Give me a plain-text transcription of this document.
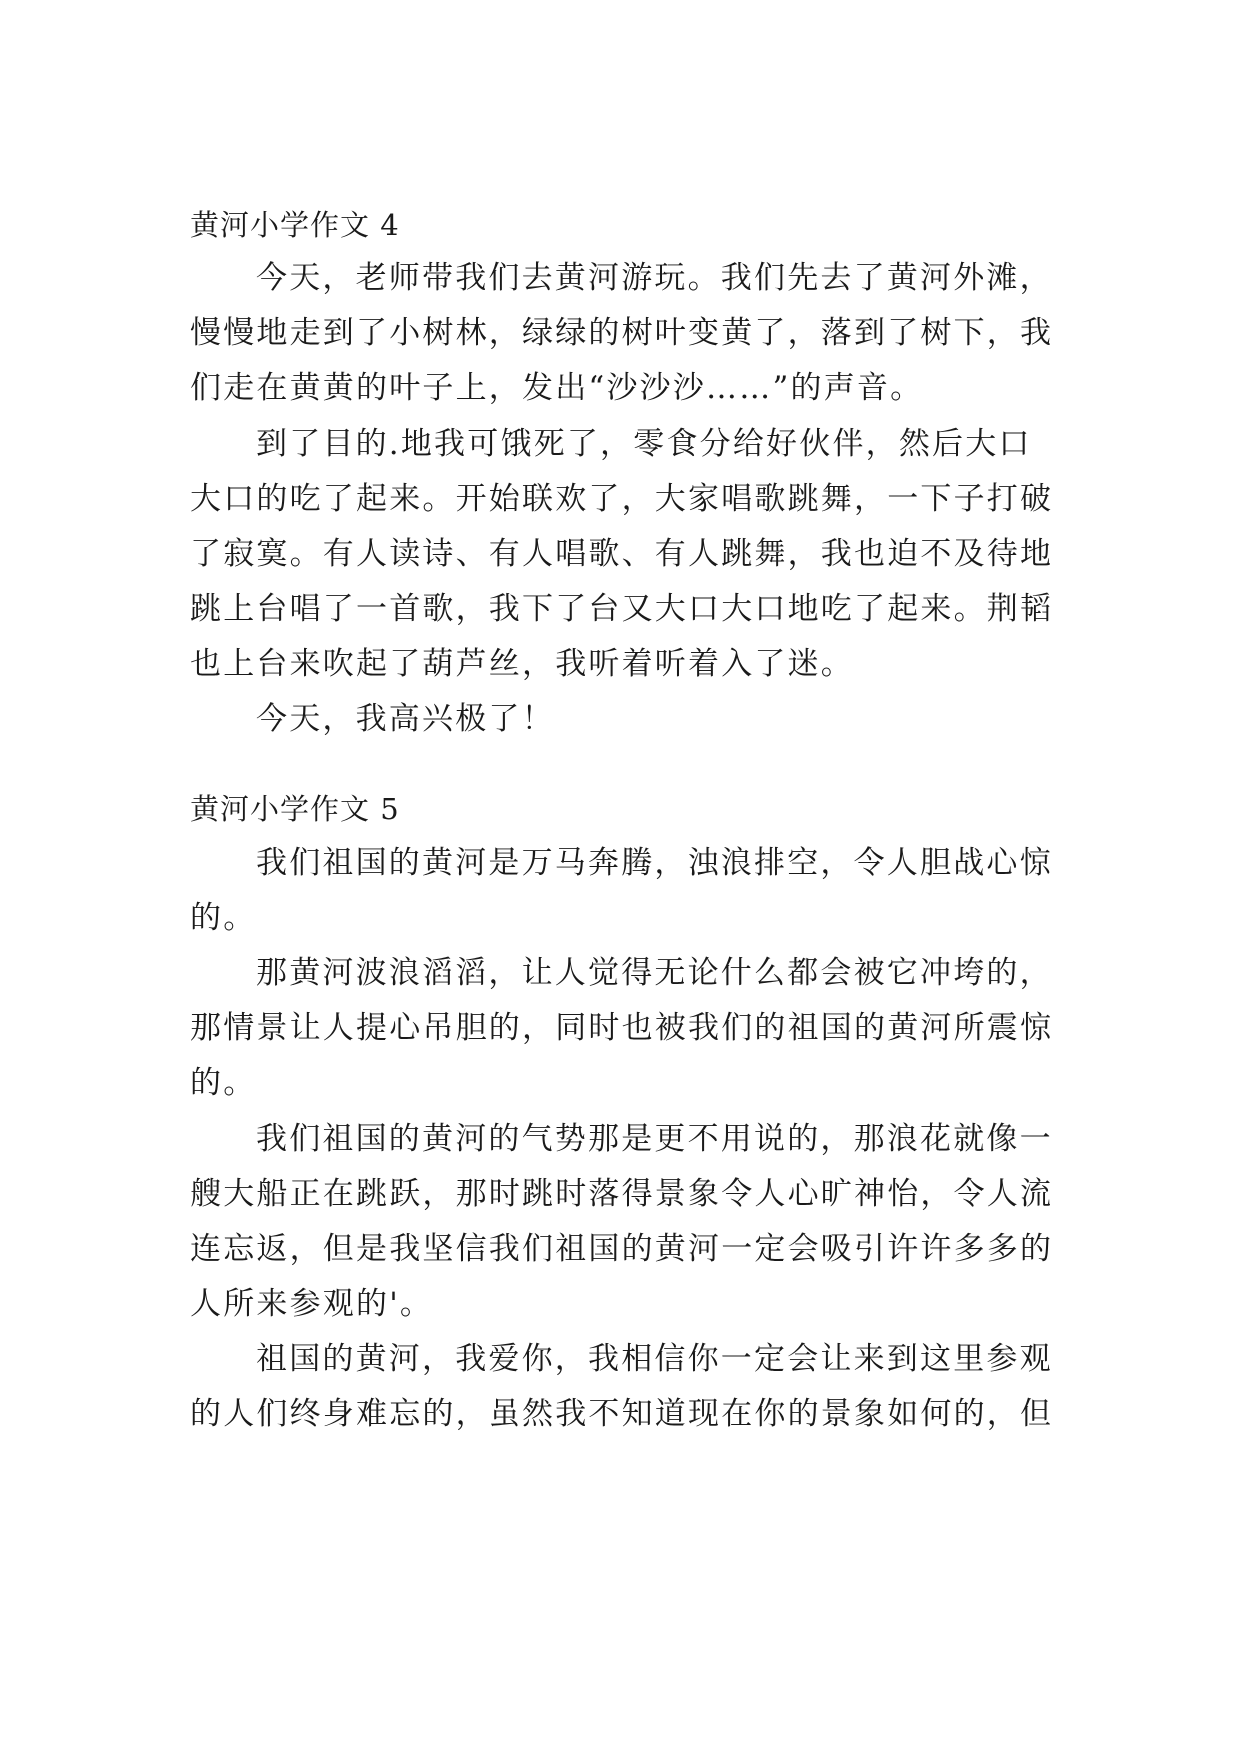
黄河小学作文 4
今天，老师带我们去黄河游玩。我们先去了黄河外滩，
慢慢地走到了小树林，绿绿的树叶变黄了，落到了树下，我
们走在黄黄的叶子上，发出“沙沙沙……”的声音。
到了目的.地我可饿死了，零食分给好伙伴，然后大口
大口的吃了起来。开始联欢了，大家唱歌跳舞，一下子打破
了寂寞。有人读诗、有人唱歌、有人跳舞，我也迫不及待地
跳上台唱了一首歌，我下了台又大口大口地吃了起来。荆韬
也上台来吹起了葫芦丝，我听着听着入了迷。
今天，我高兴极了！
黄河小学作文 5
我们祖国的黄河是万马奔腾，浊浪排空，令人胆战心惊
的。
那黄河波浪滔滔，让人觉得无论什么都会被它冲垮的，
那情景让人提心吊胆的，同时也被我们的祖国的黄河所震惊
的。
我们祖国的黄河的气势那是更不用说的，那浪花就像一
艘大船正在跳跃，那时跳时落得景象令人心旷神怡，令人流
连忘返，但是我坚信我们祖国的黄河一定会吸引许许多多的
人所来参观的'。
祖国的黄河，我爱你，我相信你一定会让来到这里参观
的人们终身难忘的，虽然我不知道现在你的景象如何的，但
